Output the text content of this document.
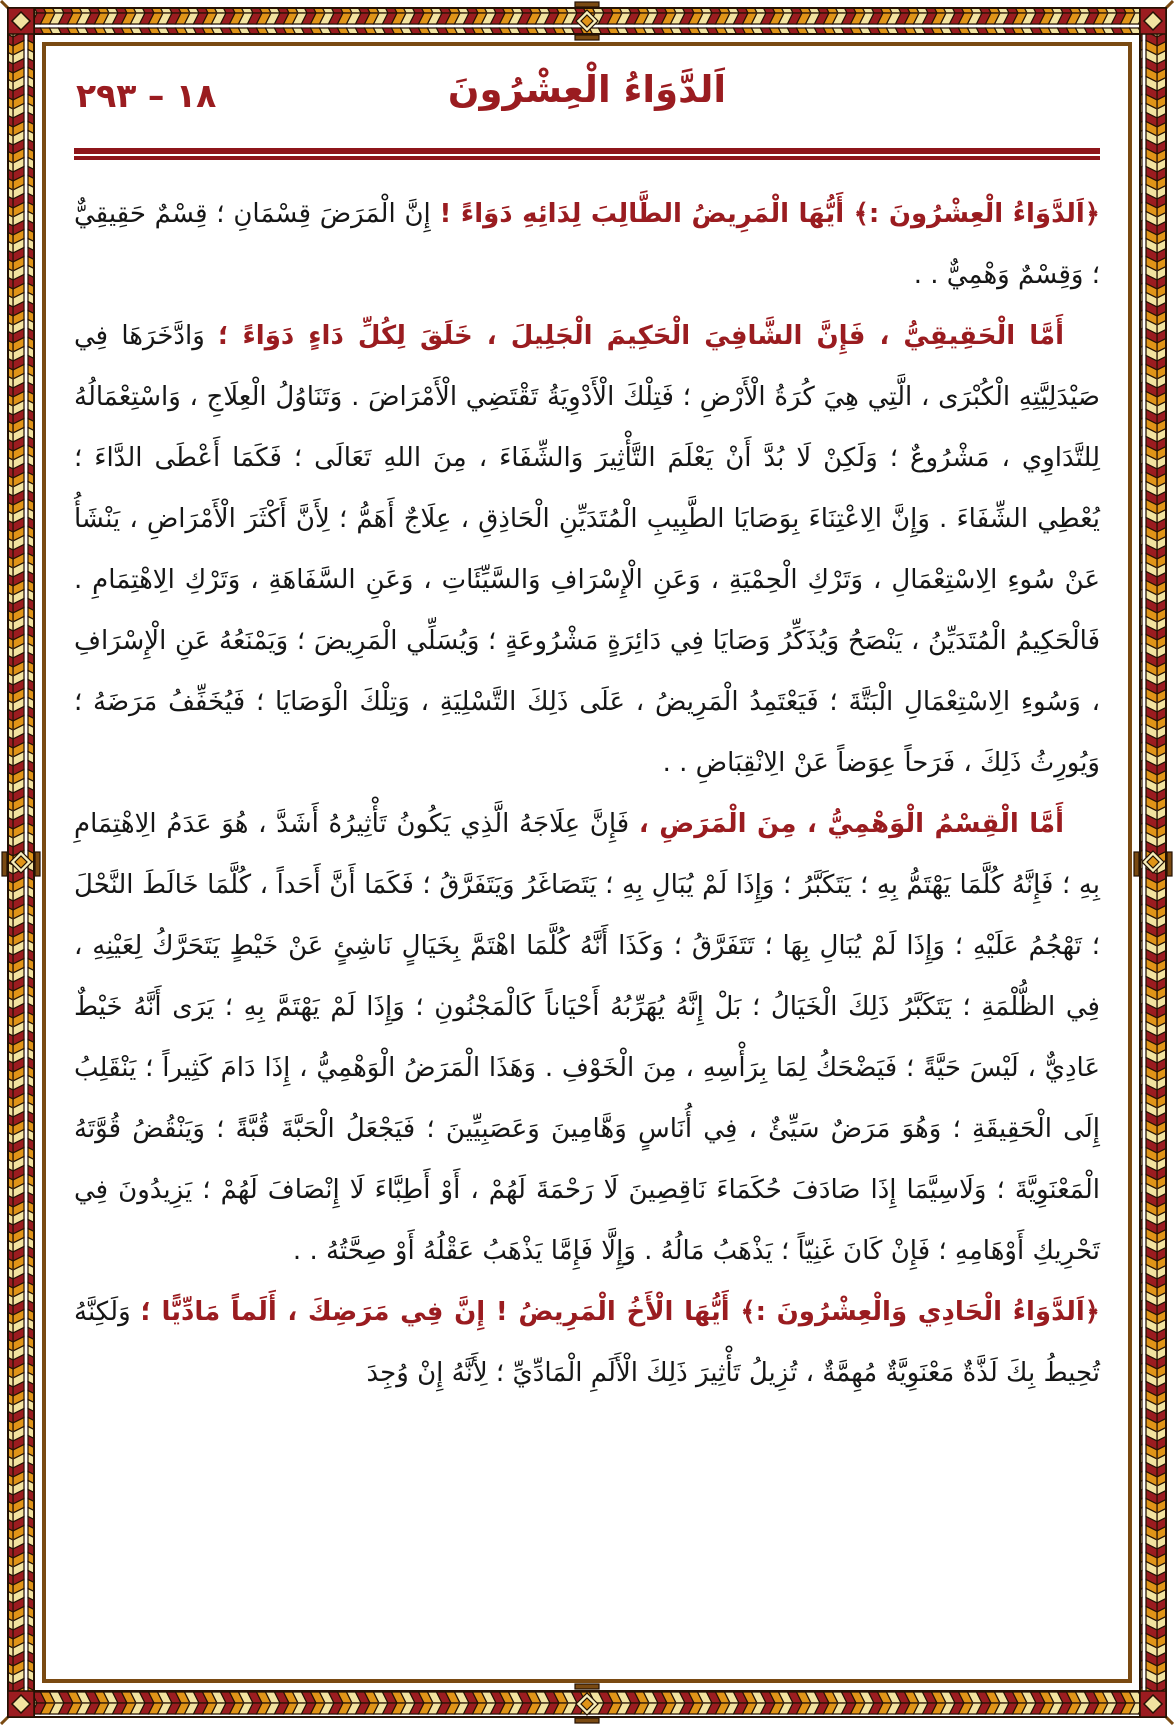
١٨ – ٢٩٣	اَلدَّوَاءُ الْعِشْرُونَ

﴿اَلدَّوَاءُ الْعِشْرُونَ :﴾ أَيُّهَا الْمَرِيضُ الطَّالِبَ لِدَائِهِ دَوَاءً ! إِنَّ الْمَرَضَ قِسْمَانِ ؛ قِسْمٌ حَقِيقِيٌّ ؛ وَقِسْمٌ وَهْمِيٌّ . .

أَمَّا الْحَقِيقِيُّ ، فَإِنَّ الشَّافِيَ الْحَكِيمَ الْجَلِيلَ ، خَلَقَ لِكُلِّ دَاءٍ دَوَاءً ؛ وَادَّخَرَهَا فِي صَيْدَلِيَّتِهِ الْكُبْرَى ، الَّتِي هِيَ كُرَةُ الْأَرْضِ ؛ فَتِلْكَ الْأَدْوِيَةُ تَقْتَضِي الْأَمْرَاضَ . وَتَنَاوُلُ الْعِلَاجِ ، وَاسْتِعْمَالُهُ لِلتَّدَاوِي ، مَشْرُوعٌ ؛ وَلَكِنْ لَا بُدَّ أَنْ يَعْلَمَ التَّأْثِيرَ وَالشِّفَاءَ ، مِنَ اللهِ تَعَالَى ؛ فَكَمَا أَعْطَى الدَّاءَ ؛ يُعْطِي الشِّفَاءَ . وَإِنَّ الِاعْتِنَاءَ بِوَصَايَا الطَّبِيبِ الْمُتَدَيِّنِ الْحَاذِقِ ، عِلَاجٌ أَهَمُّ ؛ لِأَنَّ أَكْثَرَ الْأَمْرَاضِ ، يَنْشَأُ عَنْ سُوءِ الِاسْتِعْمَالِ ، وَتَرْكِ الْحِمْيَةِ ، وَعَنِ الْإِسْرَافِ وَالسَّيِّئَاتِ ، وَعَنِ السَّفَاهَةِ ، وَتَرْكِ الِاهْتِمَامِ . فَالْحَكِيمُ الْمُتَدَيِّنُ ، يَنْصَحُ وَيُذَكِّرُ وَصَايَا فِي دَائِرَةٍ مَشْرُوعَةٍ ؛ وَيُسَلِّي الْمَرِيضَ ؛ وَيَمْنَعُهُ عَنِ الْإِسْرَافِ ، وَسُوءِ الِاسْتِعْمَالِ الْبَتَّةَ ؛ فَيَعْتَمِدُ الْمَرِيضُ ، عَلَى ذَلِكَ التَّسْلِيَةِ ، وَتِلْكَ الْوَصَايَا ؛ فَيُخَفِّفُ مَرَضَهُ ؛ وَيُورِثُ ذَلِكَ ، فَرَحاً عِوَضاً عَنْ الِانْقِبَاضِ . .

أَمَّا الْقِسْمُ الْوَهْمِيُّ ، مِنَ الْمَرَضِ ، فَإِنَّ عِلَاجَهُ الَّذِي يَكُونُ تَأْثِيرُهُ أَشَدَّ ، هُوَ عَدَمُ الِاهْتِمَامِ بِهِ ؛ فَإِنَّهُ كُلَّمَا يَهْتَمُّ بِهِ ؛ يَتَكَبَّرُ ؛ وَإِذَا لَمْ يُبَالِ بِهِ ؛ يَتَصَاغَرُ وَيَتَفَرَّقُ ؛ فَكَمَا أَنَّ أَحَداً ، كُلَّمَا خَالَطَ النَّحْلَ ؛ تَهْجُمُ عَلَيْهِ ؛ وَإِذَا لَمْ يُبَالِ بِهَا ؛ تَتَفَرَّقُ ؛ وَكَذَا أَنَّهُ كُلَّمَا اهْتَمَّ بِخَيَالٍ نَاشِئٍ عَنْ خَيْطٍ يَتَحَرَّكُ لِعَيْنِهِ ، فِي الظُّلْمَةِ ؛ يَتَكَبَّرُ ذَلِكَ الْخَيَالُ ؛ بَلْ إِنَّهُ يُهَرِّبُهُ أَحْيَاناً كَالْمَجْنُونِ ؛ وَإِذَا لَمْ يَهْتَمَّ بِهِ ؛ يَرَى أَنَّهُ خَيْطٌ عَادِيٌّ ، لَيْسَ حَيَّةً ؛ فَيَضْحَكُ لِمَا بِرَأْسِهِ ، مِنَ الْخَوْفِ . وَهَذَا الْمَرَضُ الْوَهْمِيُّ ، إِذَا دَامَ كَثِيراً ؛ يَنْقَلِبُ إِلَى الْحَقِيقَةِ ؛ وَهُوَ مَرَضٌ سَيِّئٌ ، فِي أُنَاسٍ وَهَّامِينَ وَعَصَبِيِّينَ ؛ فَيَجْعَلُ الْحَبَّةَ قُبَّةً ؛ وَيَنْقُضُ قُوَّتَهُ الْمَعْنَوِيَّةَ ؛ وَلَاسِيَّمَا إِذَا صَادَفَ حُكَمَاءَ نَاقِصِينَ لَا رَحْمَةَ لَهُمْ ، أَوْ أَطِبَّاءَ لَا إِنْصَافَ لَهُمْ ؛ يَزِيدُونَ فِي تَحْرِيكِ أَوْهَامِهِ ؛ فَإِنْ كَانَ غَنِيّاً ؛ يَذْهَبُ مَالُهُ . وَإِلَّا فَإِمَّا يَذْهَبُ عَقْلُهُ أَوْ صِحَّتُهُ . .

﴿اَلدَّوَاءُ الْحَادِي وَالْعِشْرُونَ :﴾ أَيُّهَا الْأَخُ الْمَرِيضُ ! إِنَّ فِي مَرَضِكَ ، أَلَماً مَادِّيًّا ؛ وَلَكِنَّهُ تُحِيطُ بِكَ لَذَّةٌ مَعْنَوِيَّةٌ مُهِمَّةٌ ، تُزِيلُ تَأْثِيرَ ذَلِكَ الْأَلَمِ الْمَادِّيِّ ؛ لِأَنَّهُ إِنْ وُجِدَ
